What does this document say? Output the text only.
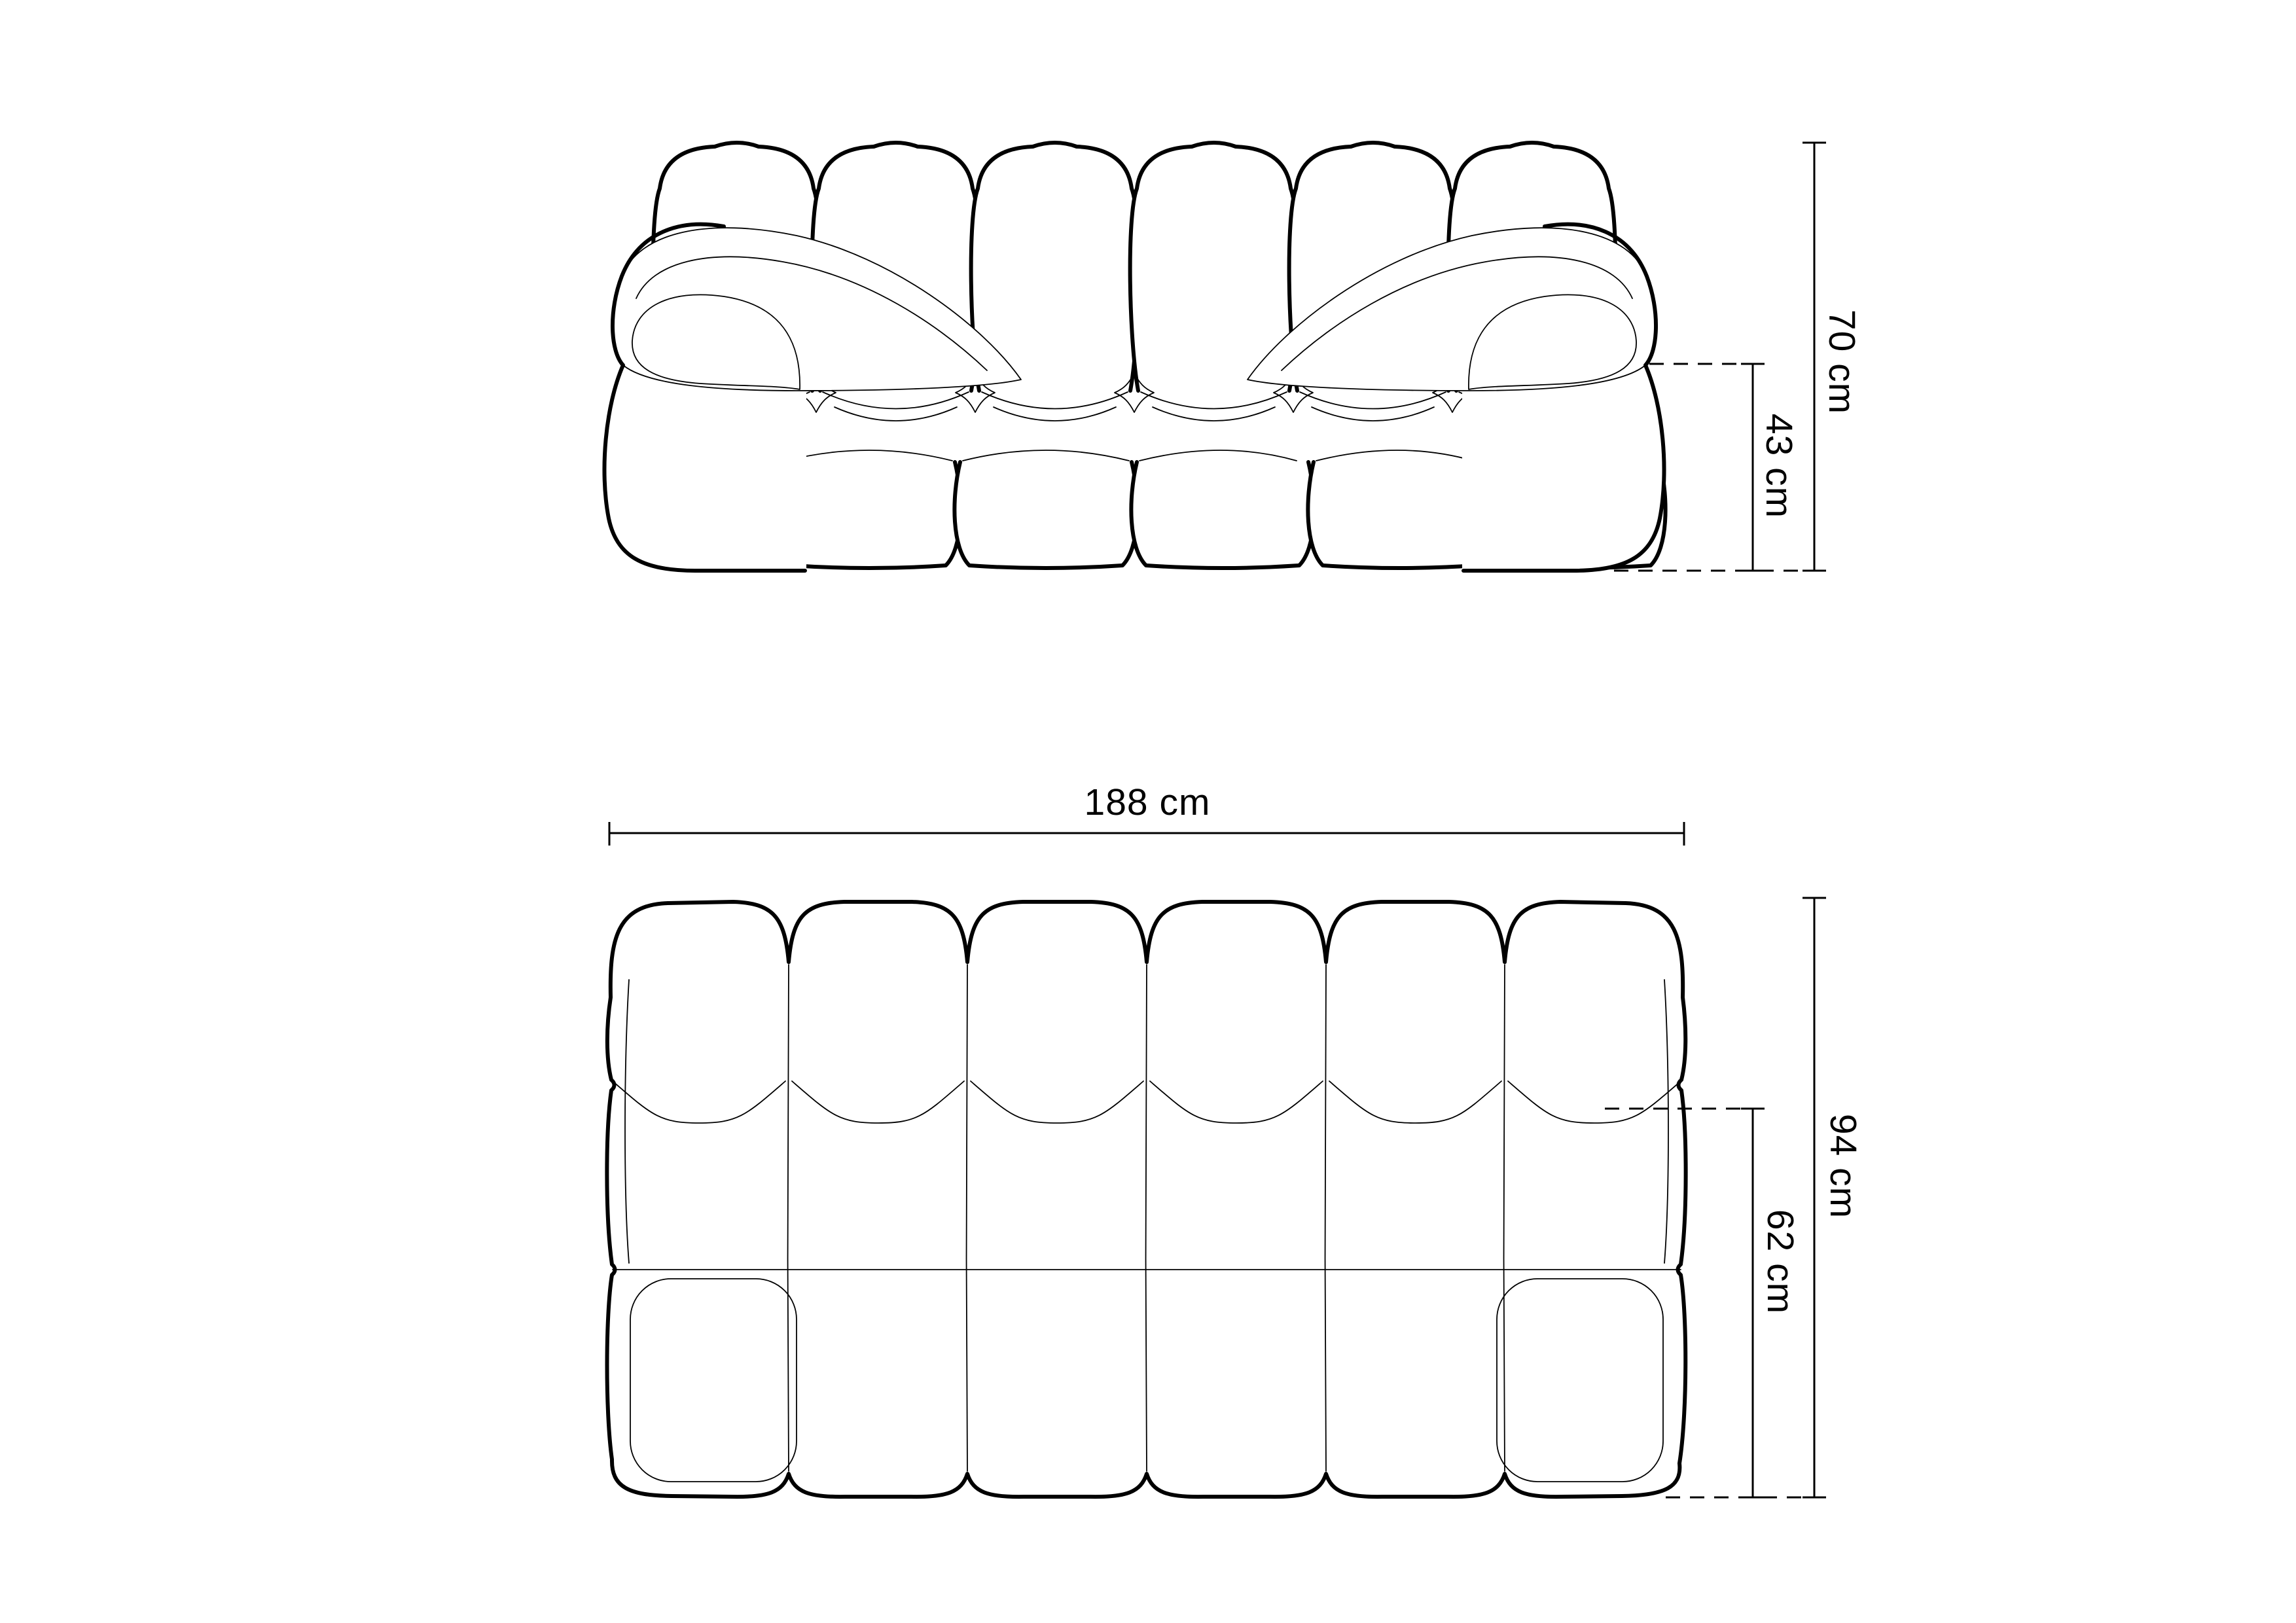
70 cm
43 cm
188 cm
94 cm
62 cm
